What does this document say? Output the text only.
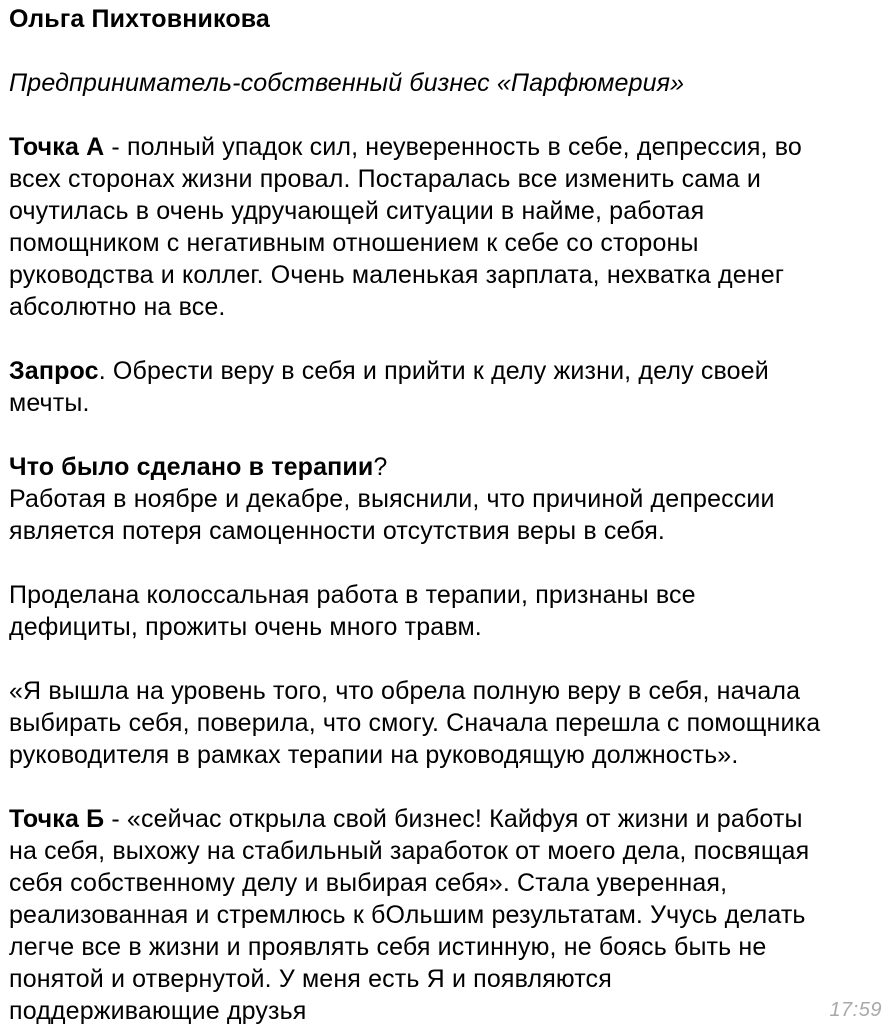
Ольга Пихтовникова
Предприниматель-собственный бизнес «Парфюмерия»
Точка А - полный упадок сил, неуверенность в себе, депрессия, во
всех сторонах жизни провал. Постаралась все изменить сама и
очутилась в очень удручающей ситуации в найме, работая
помощником с негативным отношением к себе со стороны
руководства и коллег. Очень маленькая зарплата, нехватка денег
абсолютно на все.
Запрос. Обрести веру в себя и прийти к делу жизни, делу своей
мечты.
Что было сделано в терапии?
Работая в ноябре и декабре, выяснили, что причиной депрессии
является потеря самоценности отсутствия веры в себя.
Проделана колоссальная работа в терапии, признаны все
дефициты, прожиты очень много травм.
«Я вышла на уровень того, что обрела полную веру в себя, начала
выбирать себя, поверила, что смогу. Сначала перешла с помощника
руководителя в рамках терапии на руководящую должность».
Точка Б - «сейчас открыла свой бизнес! Кайфуя от жизни и работы
на себя, выхожу на стабильный заработок от моего дела, посвящая
себя собственному делу и выбирая себя». Стала уверенная,
реализованная и стремлюсь к бОльшим результатам. Учусь делать
легче все в жизни и проявлять себя истинную, не боясь быть не
понятой и отвернутой. У меня есть Я и появляются
поддерживающие друзья	17:59
